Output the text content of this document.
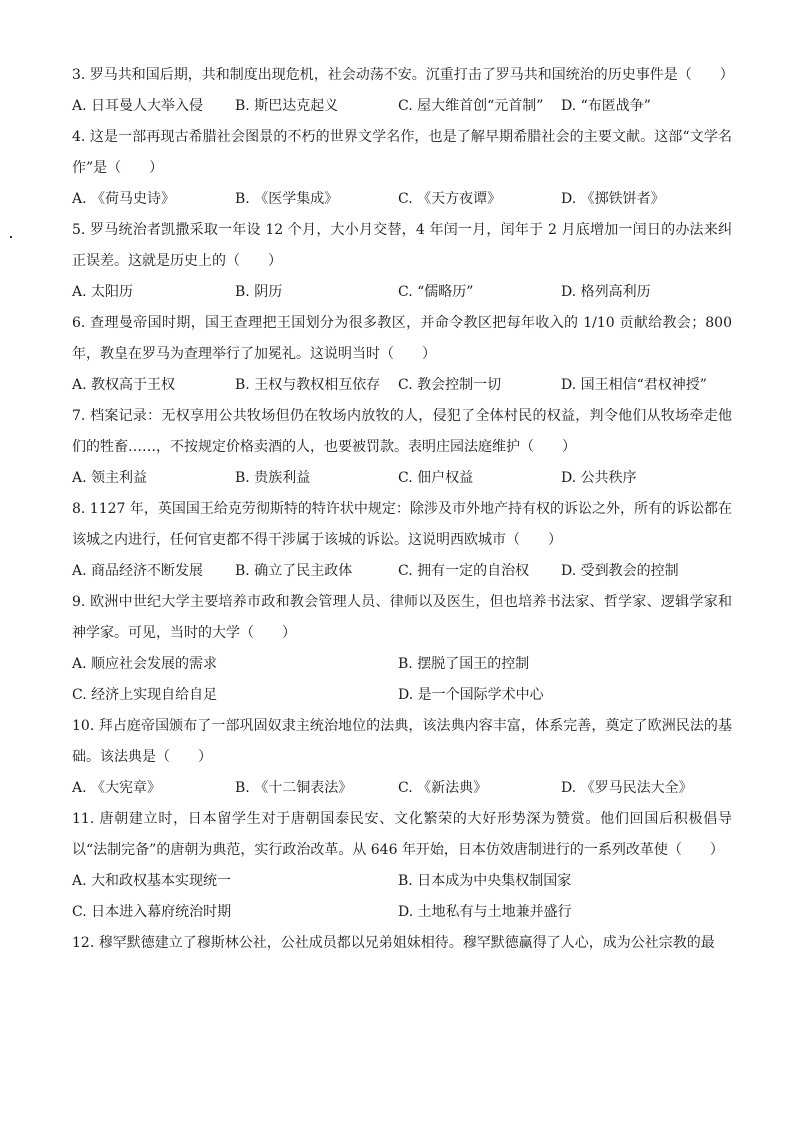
3. 罗马共和国后期，共和制度出现危机，社会动荡不安。沉重打击了罗马共和国统治的历史事件是（　　）

A. 日耳曼人大举入侵 B. 斯巴达克起义	C. 屋大维首创“元首制” D. “布匿战争”

4. 这是一部再现古希腊社会图景的不朽的世界文学名作，也是了解早期希腊社会的主要文献。这部“文学名作”是（　　）

A. 《荷马史诗》	B. 《医学集成》	C. 《天方夜谭》	D. 《掷铁饼者》

5. 罗马统治者凯撒采取一年设 12 个月，大小月交替，4 年闰一月，闰年于 2 月底增加一闰日的办法来纠正误差。这就是历史上的（　　）

A. 太阳历	B. 阴历	C. “儒略历”	D. 格列高利历

6. 查理曼帝国时期，国王查理把王国划分为很多教区，并命令教区把每年收入的 1/10 贡献给教会；800 年，教皇在罗马为查理举行了加冕礼。这说明当时（　　）

A. 教权高于王权	B. 王权与教权相互依存 C. 教会控制一切	D. 国王相信“君权神授”

7. 档案记录：无权享用公共牧场但仍在牧场内放牧的人，侵犯了全体村民的权益，判令他们从牧场牵走他们的牲畜……，不按规定价格卖酒的人，也要被罚款。表明庄园法庭维护（　　）

A. 领主利益	B. 贵族利益	C. 佃户权益	D. 公共秩序

8. 1127 年，英国国王给克劳彻斯特的特许状中规定：除涉及市外地产持有权的诉讼之外，所有的诉讼都在该城之内进行，任何官吏都不得干涉属于该城的诉讼。这说明西欧城市（　　）

A. 商品经济不断发展 B. 确立了民主政体	C. 拥有一定的自治权 D. 受到教会的控制

9. 欧洲中世纪大学主要培养市政和教会管理人员、律师以及医生，但也培养书法家、哲学家、逻辑学家和神学家。可见，当时的大学（　　）

A. 顺应社会发展的需求	B. 摆脱了国王的控制
C. 经济上实现自给自足	D. 是一个国际学术中心

10. 拜占庭帝国颁布了一部巩固奴隶主统治地位的法典，该法典内容丰富，体系完善，奠定了欧洲民法的基础。该法典是（　　）

A. 《大宪章》	B. 《十二铜表法》	C. 《新法典》	D. 《罗马民法大全》

11. 唐朝建立时，日本留学生对于唐朝国泰民安、文化繁荣的大好形势深为赞赏。他们回国后积极倡导以“法制完备”的唐朝为典范，实行政治改革。从 646 年开始，日本仿效唐制进行的一系列改革使（　　）

A. 大和政权基本实现统一	B. 日本成为中央集权制国家
C. 日本进入幕府统治时期	D. 土地私有与土地兼并盛行

12. 穆罕默德建立了穆斯林公社，公社成员都以兄弟姐妹相待。穆罕默德赢得了人心，成为公社宗教的最
